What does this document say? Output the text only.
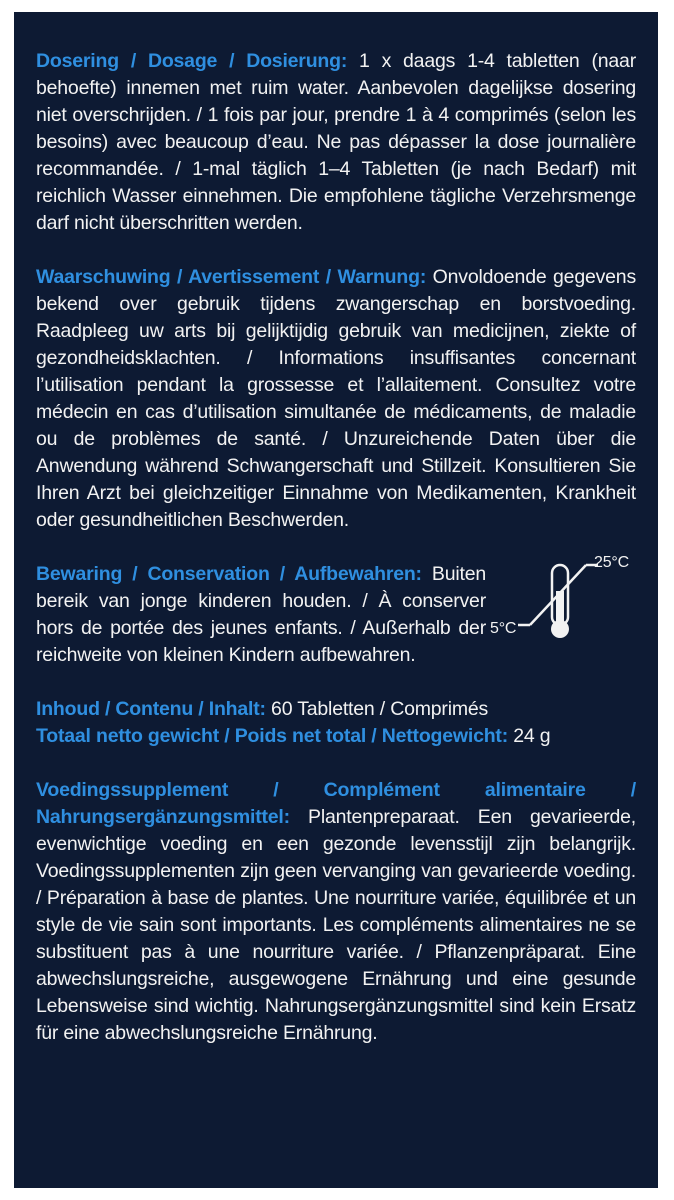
Dosering / Dosage / Dosierung: 1 x daags 1-4 tabletten (naar behoefte) innemen met ruim water. Aanbevolen dagelijkse dosering niet overschrijden. / 1 fois par jour, prendre 1 à 4 comprimés (selon les besoins) avec beaucoup d’eau. Ne pas dépasser la dose journalière recommandée. / 1-mal täglich 1–4 Tabletten (je nach Bedarf) mit reichlich Wasser einnehmen. Die empfohlene tägliche Verzehrsmenge darf nicht überschritten werden.

Waarschuwing / Avertissement / Warnung: Onvoldoende gegevens bekend over gebruik tijdens zwangerschap en borstvoeding. Raadpleeg uw arts bij gelijktijdig gebruik van medicijnen, ziekte of gezondheidsklachten. / Informations insuffisantes concernant l’utilisation pendant la grossesse et l’allaitement. Consultez votre médecin en cas d’utilisation simultanée de médicaments, de maladie ou de problèmes de santé. / Unzureichende Daten über die Anwendung während Schwangerschaft und Stillzeit. Konsultieren Sie Ihren Arzt bei gleichzeitiger Einnahme von Medikamenten, Krankheit oder gesundheitlichen Beschwerden.

Bewaring / Conservation / Aufbewahren: Buiten bereik van jonge kinderen houden. / À conserver hors de portée des jeunes enfants. / Außerhalb der reichweite von kleinen Kindern aufbewahren.

25°C
5°C

Inhoud / Contenu / Inhalt: 60 Tabletten / Comprimés

Totaal netto gewicht / Poids net total / Nettogewicht: 24 g

Voedingssupplement / Complément alimentaire / Nahrungsergänzungsmittel: Plantenpreparaat. Een gevarieerde, evenwichtige voeding en een gezonde levensstijl zijn belangrijk. Voedingssupplementen zijn geen vervanging van gevarieerde voeding. / Préparation à base de plantes. Une nourriture variée, équilibrée et un style de vie sain sont importants. Les compléments alimentaires ne se substituent pas à une nourriture variée. / Pflanzenpräparat. Eine abwechslungsreiche, ausgewogene Ernährung und eine gesunde Lebensweise sind wichtig. Nahrungsergänzungsmittel sind kein Ersatz für eine abwechslungsreiche Ernährung.
